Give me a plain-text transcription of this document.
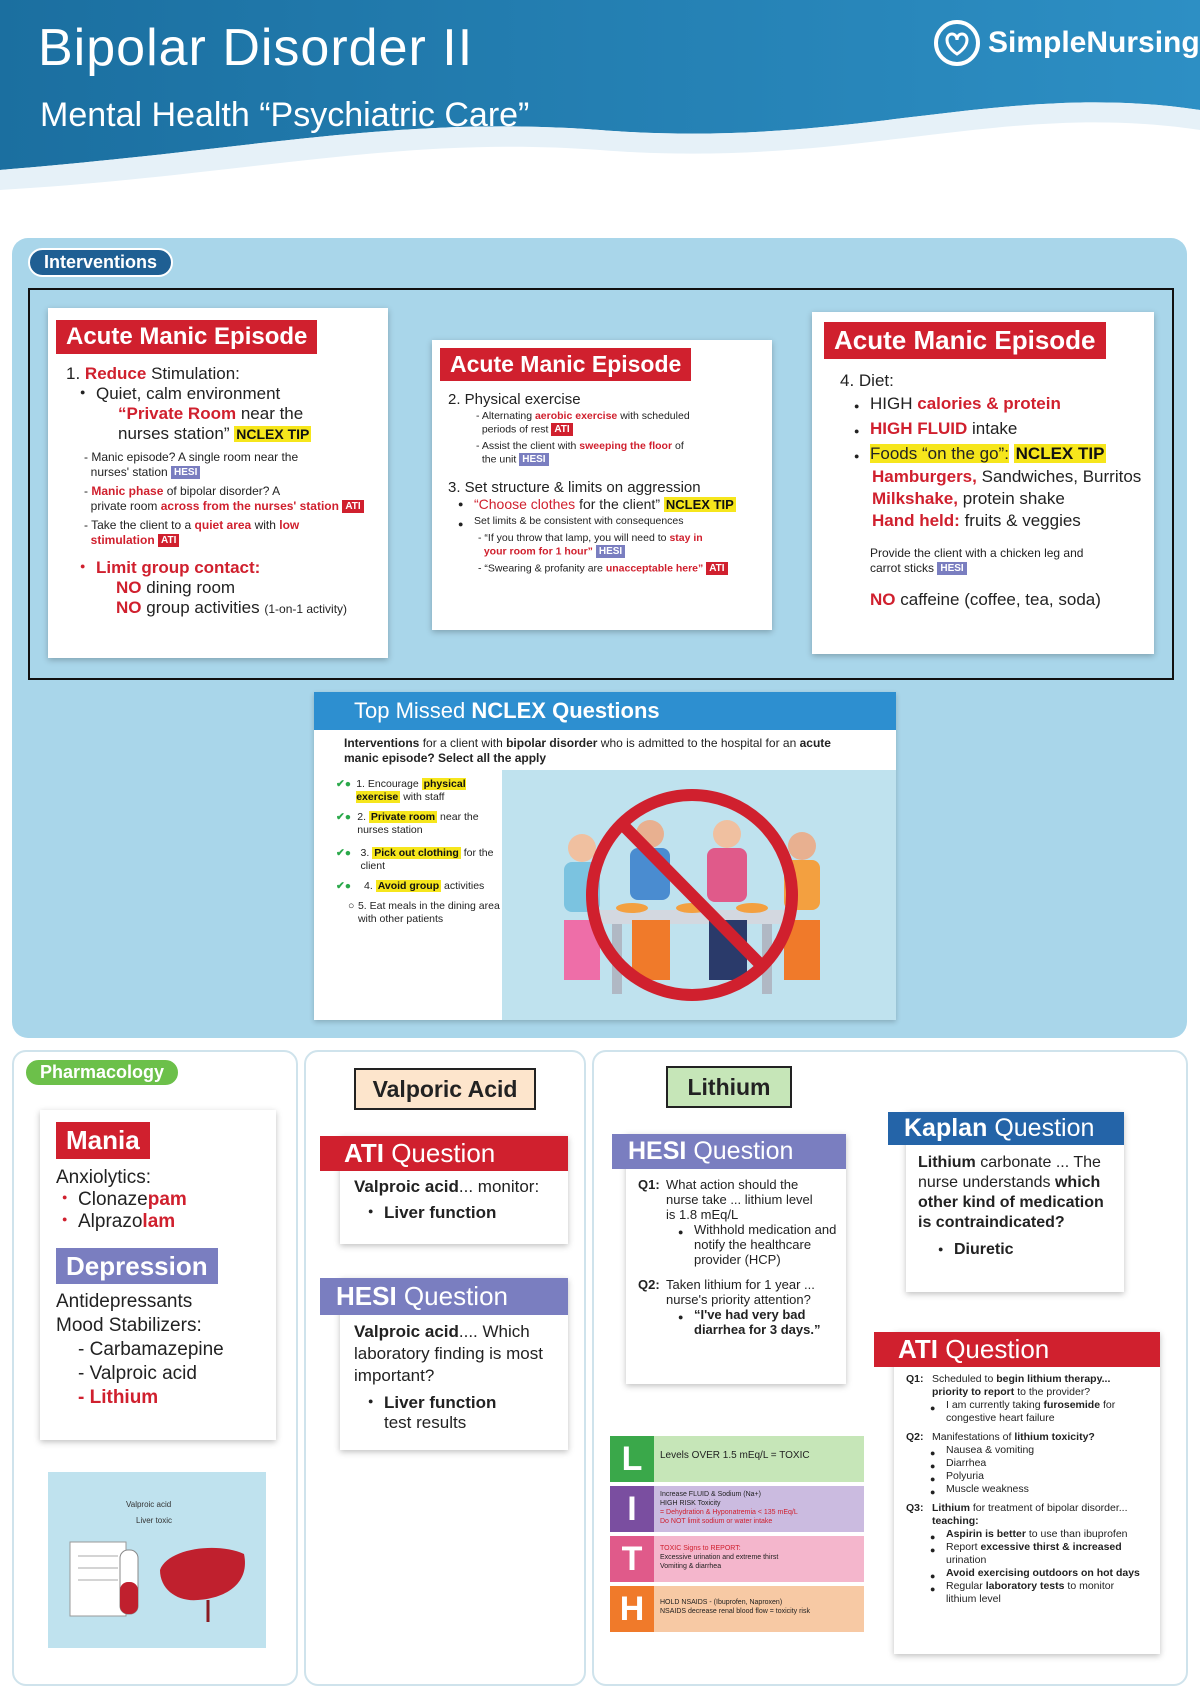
Bipolar Disorder II
Mental Health “Psychiatric Care”
SimpleNursing
Interventions
Acute Manic Episode
1. Reduce Stimulation:
● Quiet, calm environment
“Private Room near the
nurses station” NCLEX TIP
- Manic episode? A single room near the
nurses' station HESI
- Manic phase of bipolar disorder? A
private room across from the nurses' station ATI
- Take the client to a quiet area with low
stimulation ATI
● Limit group contact:
NO dining room
NO group activities (1-on-1 activity)
Acute Manic Episode
2. Physical exercise
- Alternating aerobic exercise with scheduled
periods of rest ATI
- Assist the client with sweeping the floor of
the unit HESI
3. Set structure & limits on aggression
● “Choose clothes for the client” NCLEX TIP
● Set limits & be consistent with consequences
- “If you throw that lamp, you will need to stay in
your room for 1 hour” HESI
- “Swearing & profanity are unacceptable here” ATI
Acute Manic Episode
4. Diet:
● HIGH calories & protein
● HIGH FLUID intake
● Foods “on the go”: NCLEX TIP
Hamburgers, Sandwiches, Burritos
Milkshake, protein shake
Hand held: fruits & veggies
Provide the client with a chicken leg and
carrot sticks HESI
NO caffeine (coffee, tea, soda)
Top Missed NCLEX Questions
Interventions for a client with bipolar disorder who is admitted to the hospital for an acute manic episode? Select all the apply
✔● 1. Encourage physical exercise with staff
✔● 2. Private room near the nurses station
✔● 3. Pick out clothing for the client
✔●	4. Avoid group activities
○ 5. Eat meals in the dining area with other patients
Pharmacology
Mania
Anxiolytics:
● Clonazepam
● Alprazolam
Depression
Antidepressants
Mood Stabilizers:
- Carbamazepine
- Valproic acid
- Lithium
Valproic acid
Liver toxic
Valporic Acid
ATI Question
Valproic acid... monitor:
● Liver function
HESI Question
Valproic acid.... Which laboratory finding is most important?
● Liver function
test results
Lithium
HESI Question
Q1: What action should the nurse take ... lithium level is 1.8 mEq/L
● Withhold medication and notify the healthcare provider (HCP)
Q2: Taken lithium for 1 year ... nurse's priority attention?
● “I've had very bad diarrhea for 3 days.”
Kaplan Question
Lithium carbonate ... The nurse understands which other kind of medication is contraindicated?
● Diuretic
ATI Question
Q1: Scheduled to begin lithium therapy... priority to report to the provider?
● I am currently taking furosemide for congestive heart failure
Q2: Manifestations of lithium toxicity?
● Nausea & vomiting
● Diarrhea
● Polyuria
● Muscle weakness
Q3: Lithium for treatment of bipolar disorder... teaching:
● Aspirin is better to use than ibuprofen
● Report excessive thirst & increased urination
● Avoid exercising outdoors on hot days
● Regular laboratory tests to monitor lithium level
L	Levels OVER 1.5 mEq/L = TOXIC
I	Increase FLUID & Sodium (Na+)
HIGH RISK Toxicity
= Dehydration & Hyponatremia < 135 mEq/L
Do NOT limit sodium or water intake
T	TOXIC Signs to REPORT:
Excessive urination and extreme thirst
Vomiting & diarrhea
H	HOLD NSAIDS - (Ibuprofen, Naproxen)
NSAIDS decrease renal blood flow = toxicity risk
